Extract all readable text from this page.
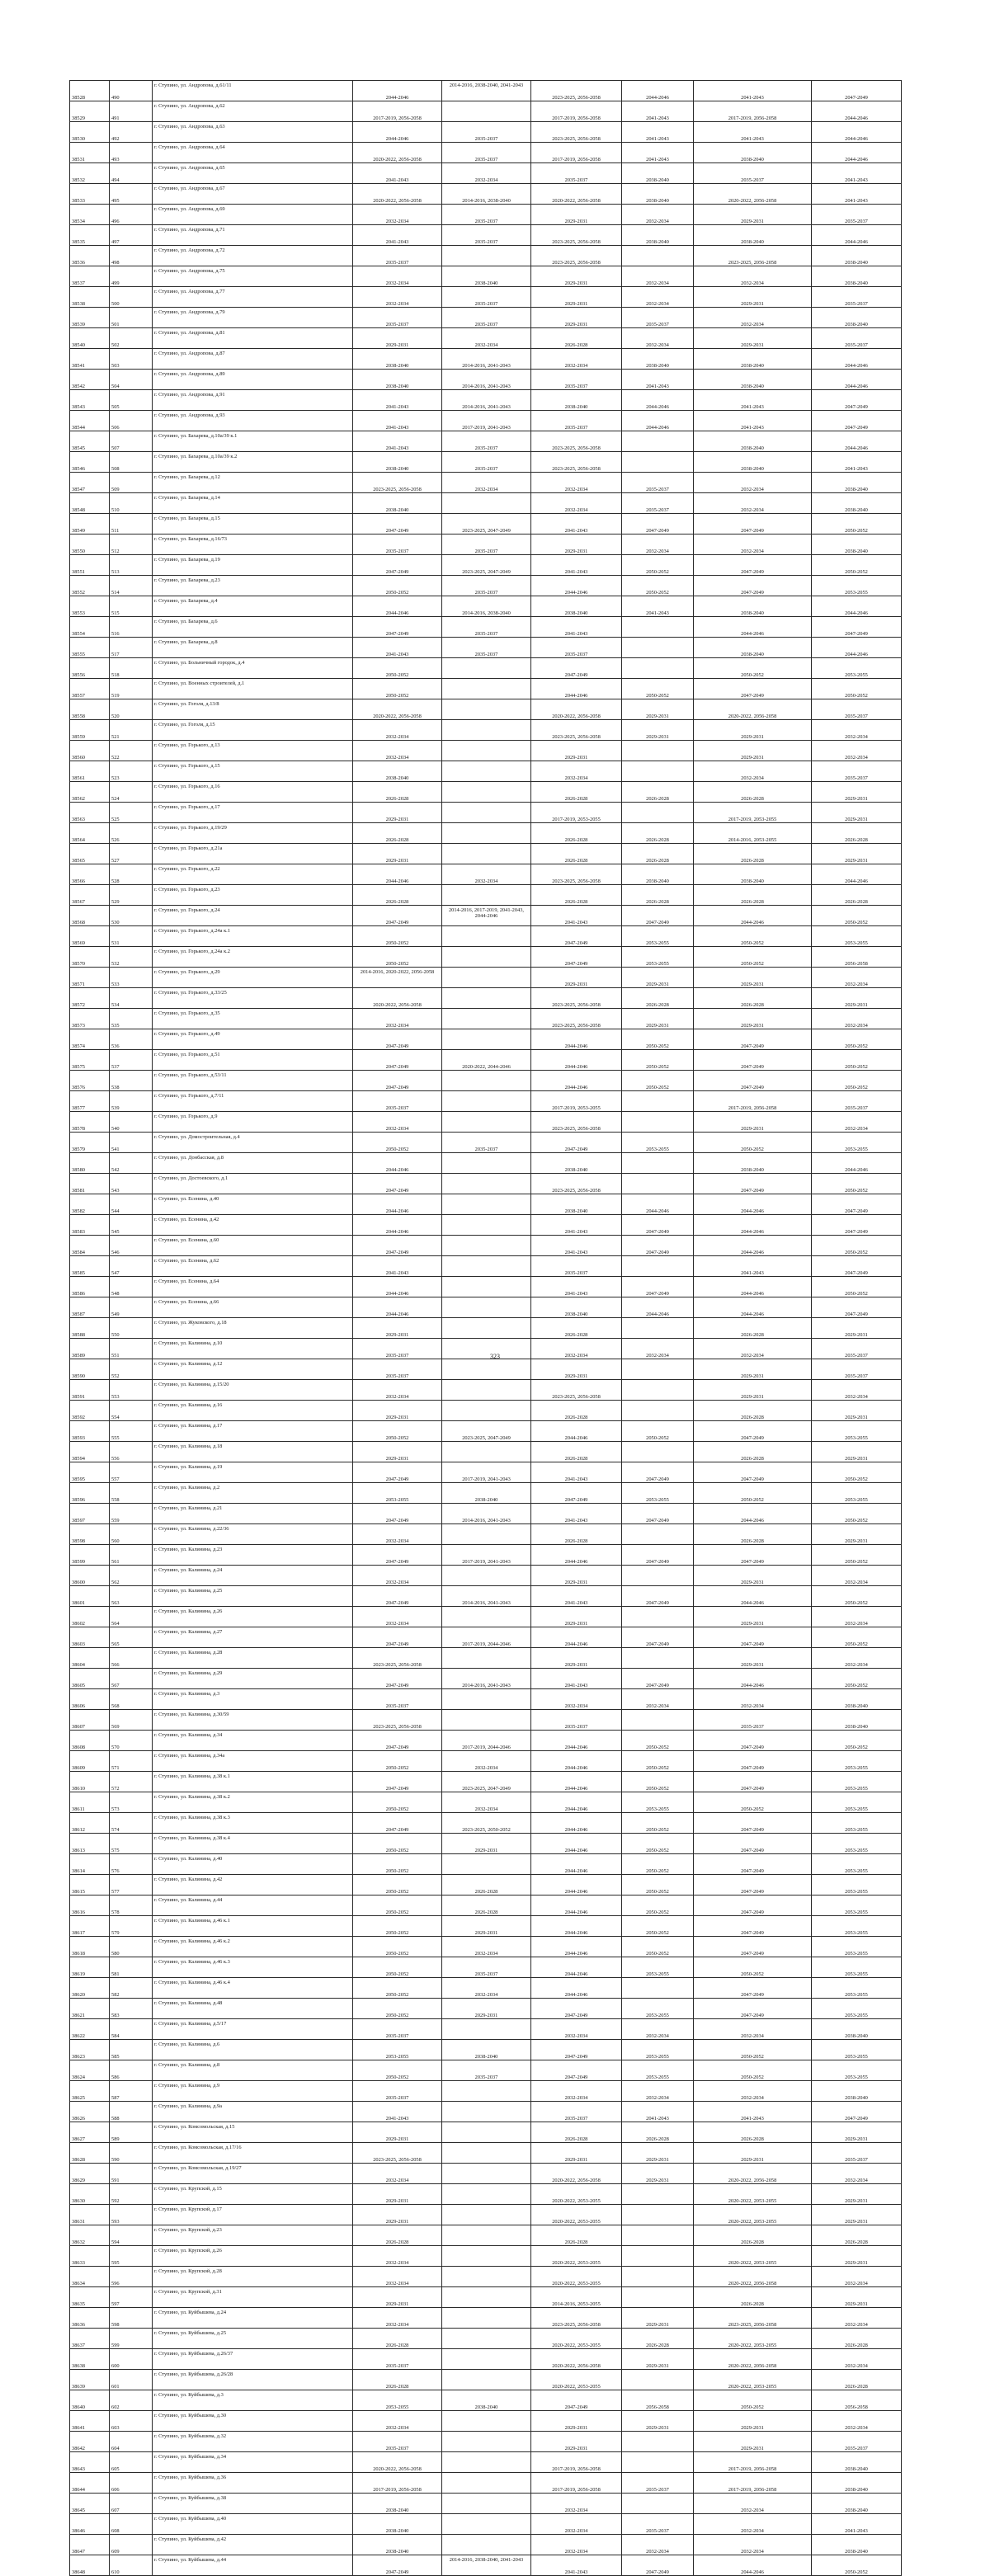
38528	490	г. Ступино, ул. Андропова, д.61/11	2044-2046	2014-2016, 2038-2040, 2041-2043	2023-2025, 2056-2058	2044-2046	2041-2043	2047-2049
38529	491	г. Ступино, ул. Андропова, д.62	2017-2019, 2056-2058		2017-2019, 2056-2058	2041-2043	2017-2019, 2056-2058	2044-2046
38530	492	г. Ступино, ул. Андропова, д.63	2044-2046	2035-2037	2023-2025, 2056-2058	2041-2043	2041-2043	2044-2046
38531	493	г. Ступино, ул. Андропова, д.64	2020-2022, 2056-2058	2035-2037	2017-2019, 2056-2058	2041-2043	2038-2040	2044-2046
38532	494	г. Ступино, ул. Андропова, д.65	2041-2043	2032-2034	2035-2037	2038-2040	2035-2037	2041-2043
38533	495	г. Ступино, ул. Андропова, д.67	2020-2022, 2056-2058	2014-2016, 2038-2040	2020-2022, 2056-2058	2038-2040	2020-2022, 2056-2058	2041-2043
38534	496	г. Ступино, ул. Андропова, д.69	2032-2034	2035-2037	2029-2031	2032-2034	2029-2031	2035-2037
38535	497	г. Ступино, ул. Андропова, д.71	2041-2043	2035-2037	2023-2025, 2056-2058	2038-2040	2038-2040	2044-2046
38536	498	г. Ступино, ул. Андропова, д.72	2035-2037		2023-2025, 2056-2058		2023-2025, 2056-2058	2038-2040
38537	499	г. Ступино, ул. Андропова, д.75	2032-2034	2038-2040	2029-2031	2032-2034	2032-2034	2038-2040
38538	500	г. Ступино, ул. Андропова, д.77	2032-2034	2035-2037	2029-2031	2032-2034	2029-2031	2035-2037
38539	501	г. Ступино, ул. Андропова, д.79	2035-2037	2035-2037	2029-2031	2035-2037	2032-2034	2038-2040
38540	502	г. Ступино, ул. Андропова, д.81	2029-2031	2032-2034	2026-2028	2032-2034	2029-2031	2035-2037
38541	503	г. Ступино, ул. Андропова, д.87	2038-2040	2014-2016, 2041-2043	2032-2034	2038-2040	2038-2040	2044-2046
38542	504	г. Ступино, ул. Андропова, д.89	2038-2040	2014-2016, 2041-2043	2035-2037	2041-2043	2038-2040	2044-2046
38543	505	г. Ступино, ул. Андропова, д.91	2041-2043	2014-2016, 2041-2043	2038-2040	2044-2046	2041-2043	2047-2049
38544	506	г. Ступино, ул. Андропова, д.93	2041-2043	2017-2019, 2041-2043	2035-2037	2044-2046	2041-2043	2047-2049
38545	507	г. Ступино, ул. Бахарева, д.10а/39 к.1	2041-2043	2035-2037	2023-2025, 2056-2058		2038-2040	2044-2046
38546	508	г. Ступино, ул. Бахарева, д.10а/39 к.2	2038-2040	2035-2037	2023-2025, 2056-2058		2038-2040	2041-2043
38547	509	г. Ступино, ул. Бахарева, д.12	2023-2025, 2056-2058	2032-2034	2032-2034	2035-2037	2032-2034	2038-2040
38548	510	г. Ступино, ул. Бахарева, д.14	2038-2040		2032-2034	2035-2037	2032-2034	2038-2040
38549	511	г. Ступино, ул. Бахарева, д.15	2047-2049	2023-2025, 2047-2049	2041-2043	2047-2049	2047-2049	2050-2052
38550	512	г. Ступино, ул. Бахарева, д.16/73	2035-2037	2035-2037	2029-2031	2032-2034	2032-2034	2038-2040
38551	513	г. Ступино, ул. Бахарева, д.19	2047-2049	2023-2025, 2047-2049	2041-2043	2050-2052	2047-2049	2050-2052
38552	514	г. Ступино, ул. Бахарева, д.23	2050-2052	2035-2037	2044-2046	2050-2052	2047-2049	2053-2055
38553	515	г. Ступино, ул. Бахарева, д.4	2044-2046	2014-2016, 2038-2040	2038-2040	2041-2043	2038-2040	2044-2046
38554	516	г. Ступино, ул. Бахарева, д.6	2047-2049	2035-2037	2041-2043		2044-2046	2047-2049
38555	517	г. Ступино, ул. Бахарева, д.8	2041-2043	2035-2037	2035-2037		2038-2040	2044-2046
38556	518	г. Ступино, ул. Больничный городок, д.4	2050-2052		2047-2049		2050-2052	2053-2055
38557	519	г. Ступино, ул. Военных строителей, д.1	2050-2052		2044-2046	2050-2052	2047-2049	2050-2052
38558	520	г. Ступино, ул. Гоголя, д.13/8	2020-2022, 2056-2058		2020-2022, 2056-2058	2029-2031	2020-2022, 2056-2058	2035-2037
38559	521	г. Ступино, ул. Гоголя, д.15	2032-2034		2023-2025, 2056-2058	2029-2031	2029-2031	2032-2034
38560	522	г. Ступино, ул. Горького, д.13	2032-2034		2029-2031		2029-2031	2032-2034
38561	523	г. Ступино, ул. Горького, д.15	2038-2040		2032-2034		2032-2034	2035-2037
38562	524	г. Ступино, ул. Горького, д.16	2026-2028		2026-2028	2026-2028	2026-2028	2029-2031
38563	525	г. Ступино, ул. Горького, д.17	2029-2031		2017-2019, 2053-2055		2017-2019, 2053-2055	2029-2031
38564	526	г. Ступино, ул. Горького, д.19/29	2026-2028		2026-2028	2026-2028	2014-2016, 2053-2055	2026-2028
38565	527	г. Ступино, ул. Горького, д.21а	2029-2031		2026-2028	2026-2028	2026-2028	2029-2031
38566	528	г. Ступино, ул. Горького, д.22	2044-2046	2032-2034	2023-2025, 2056-2058	2038-2040	2038-2040	2044-2046
38567	529	г. Ступино, ул. Горького, д.23	2026-2028		2026-2028	2026-2028	2026-2028	2026-2028
38568	530	г. Ступино, ул. Горького, д.24	2047-2049	2014-2016, 2017-2019, 2041-2043, 2044-2046	2041-2043	2047-2049	2044-2046	2050-2052
38569	531	г. Ступино, ул. Горького, д.24а к.1	2050-2052		2047-2049	2053-2055	2050-2052	2053-2055
38570	532	г. Ступино, ул. Горького, д.24а к.2	2050-2052		2047-2049	2053-2055	2050-2052	2056-2058
38571	533	г. Ступино, ул. Горького, д.29	2014-2016, 2020-2022, 2056-2058		2029-2031	2029-2031	2029-2031	2032-2034
38572	534	г. Ступино, ул. Горького, д.33/25	2020-2022, 2056-2058		2023-2025, 2056-2058	2026-2028	2026-2028	2029-2031
38573	535	г. Ступино, ул. Горького, д.35	2032-2034		2023-2025, 2056-2058	2029-2031	2029-2031	2032-2034
38574	536	г. Ступино, ул. Горького, д.49	2047-2049		2044-2046	2050-2052	2047-2049	2050-2052
38575	537	г. Ступино, ул. Горького, д.51	2047-2049	2020-2022, 2044-2046	2044-2046	2050-2052	2047-2049	2050-2052
38576	538	г. Ступино, ул. Горького, д.53/11	2047-2049		2044-2046	2050-2052	2047-2049	2050-2052
38577	539	г. Ступино, ул. Горького, д.7/11	2035-2037		2017-2019, 2053-2055		2017-2019, 2056-2058	2035-2037
38578	540	г. Ступино, ул. Горького, д.9	2032-2034		2023-2025, 2056-2058		2029-2031	2032-2034
38579	541	г. Ступино, ул. Домостроительная, д.4	2050-2052	2035-2037	2047-2049	2053-2055	2050-2052	2053-2055
38580	542	г. Ступино, ул. Донбасская, д.8	2044-2046		2038-2040		2038-2040	2044-2046
38581	543	г. Ступино, ул. Достоевского, д.1	2047-2049		2023-2025, 2056-2058		2047-2049	2050-2052
38582	544	г. Ступино, ул. Есенина, д.40	2044-2046		2038-2040	2044-2046	2044-2046	2047-2049
38583	545	г. Ступино, ул. Есенина, д.42	2044-2046		2041-2043	2047-2049	2044-2046	2047-2049
38584	546	г. Ступино, ул. Есенина, д.60	2047-2049		2041-2043	2047-2049	2044-2046	2050-2052
38585	547	г. Ступино, ул. Есенина, д.62	2041-2043		2035-2037		2041-2043	2047-2049
38586	548	г. Ступино, ул. Есенина, д.64	2044-2046		2041-2043	2047-2049	2044-2046	2050-2052
38587	549	г. Ступино, ул. Есенина, д.66	2044-2046		2038-2040	2044-2046	2044-2046	2047-2049
38588	550	г. Ступино, ул. Жуковского, д.18	2029-2031		2026-2028		2026-2028	2029-2031
38589	551	г. Ступино, ул. Калинина, д.10	2035-2037		2032-2034	2032-2034	2032-2034	2035-2037
38590	552	г. Ступино, ул. Калинина, д.12	2035-2037		2029-2031		2029-2031	2035-2037
38591	553	г. Ступино, ул. Калинина, д.15/20	2032-2034		2023-2025, 2056-2058		2029-2031	2032-2034
38592	554	г. Ступино, ул. Калинина, д.16	2029-2031		2026-2028		2026-2028	2029-2031
38593	555	г. Ступино, ул. Калинина, д.17	2050-2052	2023-2025, 2047-2049	2044-2046	2050-2052	2047-2049	2053-2055
38594	556	г. Ступино, ул. Калинина, д.18	2029-2031		2026-2028		2026-2028	2029-2031
38595	557	г. Ступино, ул. Калинина, д.19	2047-2049	2017-2019, 2041-2043	2041-2043	2047-2049	2047-2049	2050-2052
38596	558	г. Ступино, ул. Калинина, д.2	2053-2055	2038-2040	2047-2049	2053-2055	2050-2052	2053-2055
38597	559	г. Ступино, ул. Калинина, д.21	2047-2049	2014-2016, 2041-2043	2041-2043	2047-2049	2044-2046	2050-2052
38598	560	г. Ступино, ул. Калинина, д.22/36	2032-2034		2026-2028		2026-2028	2029-2031
38599	561	г. Ступино, ул. Калинина, д.23	2047-2049	2017-2019, 2041-2043	2044-2046	2047-2049	2047-2049	2050-2052
38600	562	г. Ступино, ул. Калинина, д.24	2032-2034		2029-2031		2029-2031	2032-2034
38601	563	г. Ступино, ул. Калинина, д.25	2047-2049	2014-2016, 2041-2043	2041-2043	2047-2049	2044-2046	2050-2052
38602	564	г. Ступино, ул. Калинина, д.26	2032-2034		2029-2031		2029-2031	2032-2034
38603	565	г. Ступино, ул. Калинина, д.27	2047-2049	2017-2019, 2044-2046	2044-2046	2047-2049	2047-2049	2050-2052
38604	566	г. Ступино, ул. Калинина, д.28	2023-2025, 2056-2058		2029-2031		2029-2031	2032-2034
38605	567	г. Ступино, ул. Калинина, д.29	2047-2049	2014-2016, 2041-2043	2041-2043	2047-2049	2044-2046	2050-2052
38606	568	г. Ступино, ул. Калинина, д.3	2035-2037		2032-2034	2032-2034	2032-2034	2038-2040
38607	569	г. Ступино, ул. Калинина, д.30/59	2023-2025, 2056-2058		2035-2037		2035-2037	2038-2040
38608	570	г. Ступино, ул. Калинина, д.34	2047-2049	2017-2019, 2044-2046	2044-2046	2050-2052	2047-2049	2050-2052
38609	571	г. Ступино, ул. Калинина, д.34а	2050-2052	2032-2034	2044-2046	2050-2052	2047-2049	2053-2055
38610	572	г. Ступино, ул. Калинина, д.38 к.1	2047-2049	2023-2025, 2047-2049	2044-2046	2050-2052	2047-2049	2053-2055
38611	573	г. Ступино, ул. Калинина, д.38 к.2	2050-2052	2032-2034	2044-2046	2053-2055	2050-2052	2053-2055
38612	574	г. Ступино, ул. Калинина, д.38 к.3	2047-2049	2023-2025, 2050-2052	2044-2046	2050-2052	2047-2049	2053-2055
38613	575	г. Ступино, ул. Калинина, д.38 к.4	2050-2052	2029-2031	2044-2046	2050-2052	2047-2049	2053-2055
38614	576	г. Ступино, ул. Калинина, д.40	2050-2052		2044-2046	2050-2052	2047-2049	2053-2055
38615	577	г. Ступино, ул. Калинина, д.42	2050-2052	2026-2028	2044-2046	2050-2052	2047-2049	2053-2055
38616	578	г. Ступино, ул. Калинина, д.44	2050-2052	2026-2028	2044-2046	2050-2052	2047-2049	2053-2055
38617	579	г. Ступино, ул. Калинина, д.46 к.1	2050-2052	2029-2031	2044-2046	2050-2052	2047-2049	2053-2055
38618	580	г. Ступино, ул. Калинина, д.46 к.2	2050-2052	2032-2034	2044-2046	2050-2052	2047-2049	2053-2055
38619	581	г. Ступино, ул. Калинина, д.46 к.3	2050-2052	2035-2037	2044-2046	2053-2055	2050-2052	2053-2055
38620	582	г. Ступино, ул. Калинина, д.46 к.4	2050-2052	2032-2034	2044-2046		2047-2049	2053-2055
38621	583	г. Ступино, ул. Калинина, д.48	2050-2052	2029-2031	2047-2049	2053-2055	2047-2049	2053-2055
38622	584	г. Ступино, ул. Калинина, д.5/17	2035-2037		2032-2034	2032-2034	2032-2034	2038-2040
38623	585	г. Ступино, ул. Калинина, д.6	2053-2055	2038-2040	2047-2049	2053-2055	2050-2052	2053-2055
38624	586	г. Ступино, ул. Калинина, д.8	2050-2052	2035-2037	2047-2049	2053-2055	2050-2052	2053-2055
38625	587	г. Ступино, ул. Калинина, д.9	2035-2037		2032-2034	2032-2034	2032-2034	2038-2040
38626	588	г. Ступино, ул. Калинина, д.9а	2041-2043		2035-2037	2041-2043	2041-2043	2047-2049
38627	589	г. Ступино, ул. Комсомольская, д.15	2029-2031		2026-2028	2026-2028	2026-2028	2029-2031
38628	590	г. Ступино, ул. Комсомольская, д.17/16	2023-2025, 2056-2058		2029-2031	2029-2031	2029-2031	2035-2037
38629	591	г. Ступино, ул. Комсомольская, д.19/27	2032-2034		2020-2022, 2056-2058	2029-2031	2020-2022, 2056-2058	2032-2034
38630	592	г. Ступино, ул. Крупской, д.15	2029-2031		2020-2022, 2053-2055		2020-2022, 2053-2055	2029-2031
38631	593	г. Ступино, ул. Крупской, д.17	2029-2031		2020-2022, 2053-2055		2020-2022, 2053-2055	2029-2031
38632	594	г. Ступино, ул. Крупской, д.23	2026-2028		2026-2028		2026-2028	2026-2028
38633	595	г. Ступино, ул. Крупской, д.26	2032-2034		2020-2022, 2053-2055		2020-2022, 2053-2055	2029-2031
38634	596	г. Ступино, ул. Крупской, д.28	2032-2034		2020-2022, 2053-2055		2020-2022, 2056-2058	2032-2034
38635	597	г. Ступино, ул. Крупской, д.31	2029-2031		2014-2016, 2053-2055		2026-2028	2029-2031
38636	598	г. Ступино, ул. Куйбышева, д.24	2032-2034		2023-2025, 2056-2058	2029-2031	2023-2025, 2056-2058	2032-2034
38637	599	г. Ступино, ул. Куйбышева, д.25	2026-2028		2020-2022, 2053-2055	2026-2028	2020-2022, 2053-2055	2026-2028
38638	600	г. Ступино, ул. Куйбышева, д.26/37	2035-2037		2020-2022, 2056-2058	2029-2031	2020-2022, 2056-2058	2032-2034
38639	601	г. Ступино, ул. Куйбышева, д.26/28	2026-2028		2020-2022, 2053-2055		2020-2022, 2053-2055	2026-2028
38640	602	г. Ступино, ул. Куйбышева, д.3	2053-2055	2038-2040	2047-2049	2056-2058	2050-2052	2056-2058
38641	603	г. Ступино, ул. Куйбышева, д.30	2032-2034		2029-2031	2029-2031	2029-2031	2032-2034
38642	604	г. Ступино, ул. Куйбышева, д.32	2035-2037		2029-2031		2029-2031	2035-2037
38643	605	г. Ступино, ул. Куйбышева, д.34	2020-2022, 2056-2058		2017-2019, 2056-2058		2017-2019, 2056-2058	2038-2040
38644	606	г. Ступино, ул. Куйбышева, д.36	2017-2019, 2056-2058		2017-2019, 2056-2058	2035-2037	2017-2019, 2056-2058	2038-2040
38645	607	г. Ступино, ул. Куйбышева, д.38	2038-2040		2032-2034		2032-2034	2038-2040
38646	608	г. Ступино, ул. Куйбышева, д.40	2038-2040		2032-2034	2035-2037	2032-2034	2041-2043
38647	609	г. Ступино, ул. Куйбышева, д.42	2038-2040		2032-2034	2032-2034	2032-2034	2038-2040
38648	610	г. Ступино, ул. Куйбышева, д.44	2047-2049	2014-2016, 2038-2040, 2041-2043	2041-2043	2047-2049	2044-2046	2050-2052
323
